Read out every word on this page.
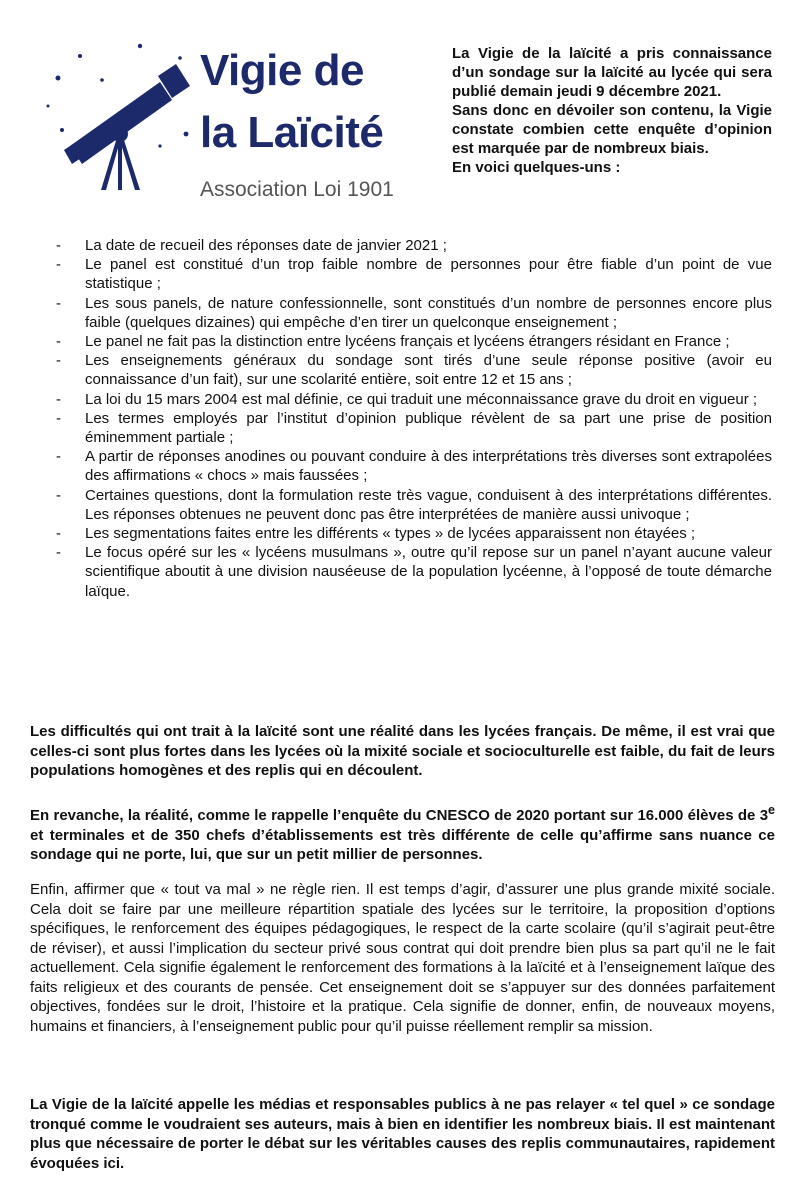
Vigie de
la Laïcité
Association Loi 1901

La Vigie de la laïcité a pris connaissance d’un sondage sur la laïcité au lycée qui sera publié demain jeudi 9 décembre 2021.

Sans donc en dévoiler son contenu, la Vigie constate combien cette enquête d’opinion est marquée par de nombreux biais.

En voici quelques-uns :

- La date de recueil des réponses date de janvier 2021 ;
- Le panel est constitué d’un trop faible nombre de personnes pour être fiable d’un point de vue statistique ;
- Les sous panels, de nature confessionnelle, sont constitués d’un nombre de personnes encore plus faible (quelques dizaines) qui empêche d’en tirer un quelconque enseignement ;
- Le panel ne fait pas la distinction entre lycéens français et lycéens étrangers résidant en France ;
- Les enseignements généraux du sondage sont tirés d’une seule réponse positive (avoir eu connaissance d’un fait), sur une scolarité entière, soit entre 12 et 15 ans ;
- La loi du 15 mars 2004 est mal définie, ce qui traduit une méconnaissance grave du droit en vigueur ;
- Les termes employés par l’institut d’opinion publique révèlent de sa part une prise de position éminemment partiale ;
- A partir de réponses anodines ou pouvant conduire à des interprétations très diverses sont extrapolées des affirmations « chocs » mais faussées ;
- Certaines questions, dont la formulation reste très vague, conduisent à des interprétations différentes. Les réponses obtenues ne peuvent donc pas être interprétées de manière aussi univoque ;
- Les segmentations faites entre les différents « types » de lycées apparaissent non étayées ;
- Le focus opéré sur les « lycéens musulmans », outre qu’il repose sur un panel n’ayant aucune valeur scientifique aboutit à une division nauséeuse de la population lycéenne, à l’opposé de toute démarche laïque.

Les difficultés qui ont trait à la laïcité sont une réalité dans les lycées français. De même, il est vrai que celles-ci sont plus fortes dans les lycées où la mixité sociale et socioculturelle est faible, du fait de leurs populations homogènes et des replis qui en découlent.

En revanche, la réalité, comme le rappelle l’enquête du CNESCO de 2020 portant sur 16.000 élèves de 3e et terminales et de 350 chefs d’établissements est très différente de celle qu’affirme sans nuance ce sondage qui ne porte, lui, que sur un petit millier de personnes.

Enfin, affirmer que « tout va mal » ne règle rien. Il est temps d’agir, d’assurer une plus grande mixité sociale. Cela doit se faire par une meilleure répartition spatiale des lycées sur le territoire, la proposition d’options spécifiques, le renforcement des équipes pédagogiques, le respect de la carte scolaire (qu’il s’agirait peut-être de réviser), et aussi l’implication du secteur privé sous contrat qui doit prendre bien plus sa part qu’il ne le fait actuellement. Cela signifie également le renforcement des formations à la laïcité et à l’enseignement laïque des faits religieux et des courants de pensée. Cet enseignement doit se s’appuyer sur des données parfaitement objectives, fondées sur le droit, l’histoire et la pratique. Cela signifie de donner, enfin, de nouveaux moyens, humains et financiers, à l’enseignement public pour qu’il puisse réellement remplir sa mission.

La Vigie de la laïcité appelle les médias et responsables publics à ne pas relayer « tel quel » ce sondage tronqué comme le voudraient ses auteurs, mais à bien en identifier les nombreux biais. Il est maintenant plus que nécessaire de porter le débat sur les véritables causes des replis communautaires, rapidement évoquées ici.
